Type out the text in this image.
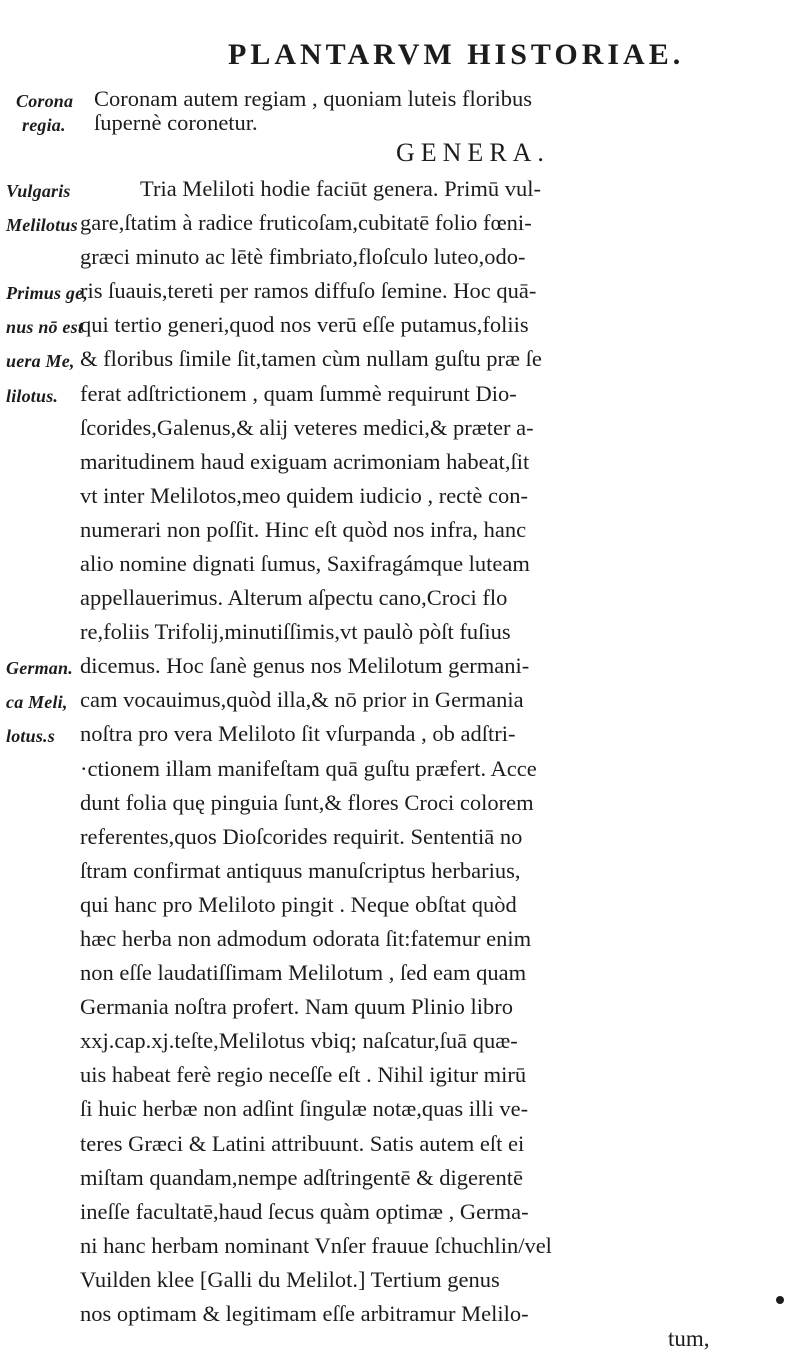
PLANTARVM HISTORIAE.
Corona
regia.
Vulgaris
Melilotus
Primus ge,
nus nō est
uera Me,
lilotus.
German.
ca Meli,
lotus.s
Coronam autem regiam , quoniam luteis floribus
ſupernè coronetur.
GENERA.
Tria Meliloti hodie faciūt genera. Primū vul-
gare,ſtatim à radice fruticoſam,cubitatē folio fœni-
græci minuto ac lētè fimbriato,floſculo luteo,odo-
ris ſuauis,tereti per ramos diffuſo ſemine. Hoc quā-
qui tertio generi,quod nos verū eſſe putamus,foliis
& floribus ſimile ſit,tamen cùm nullam guſtu præ ſe
ferat adſtrictionem , quam ſummè requirunt Dio-
ſcorides,Galenus,& alij veteres medici,& præter a-
maritudinem haud exiguam acrimoniam habeat,ſit
vt inter Melilotos,meo quidem iudicio , rectè con-
numerari non poſſit. Hinc eſt quòd nos infra, hanc
alio nomine dignati ſumus, Saxifragámque luteam
appellauerimus. Alterum aſpectu cano,Croci flo
re,foliis Trifolij,minutiſſimis,vt paulò pòſt fuſius
dicemus. Hoc ſanè genus nos Melilotum germani-
cam vocauimus,quòd illa,& nō prior in Germania
noſtra pro vera Meliloto ſit vſurpanda , ob adſtri-
·ctionem illam manifeſtam quā guſtu præfert. Acce
dunt folia quę pinguia ſunt,& flores Croci colorem
referentes,quos Dioſcorides requirit. Sententiā no
ſtram confirmat antiquus manuſcriptus herbarius,
qui hanc pro Meliloto pingit . Neque obſtat quòd
hæc herba non admodum odorata ſit:fatemur enim
non eſſe laudatiſſimam Melilotum , ſed eam quam
Germania noſtra profert. Nam quum Plinio libro
xxj.cap.xj.teſte,Melilotus vbiq; naſcatur,ſuā quæ-
uis habeat ferè regio neceſſe eſt . Nihil igitur mirū
ſi huic herbæ non adſint ſingulæ notæ,quas illi ve-
teres Græci & Latini attribuunt. Satis autem eſt ei
miſtam quandam,nempe adſtringentē & digerentē
ineſſe facultatē,haud ſecus quàm optimæ , Germa-
ni hanc herbam nominant Vnſer frauue ſchuchlin/vel
Vuilden klee [Galli du Melilot.] Tertium genus
nos optimam & legitimam eſſe arbitramur Melilo-
tum,
